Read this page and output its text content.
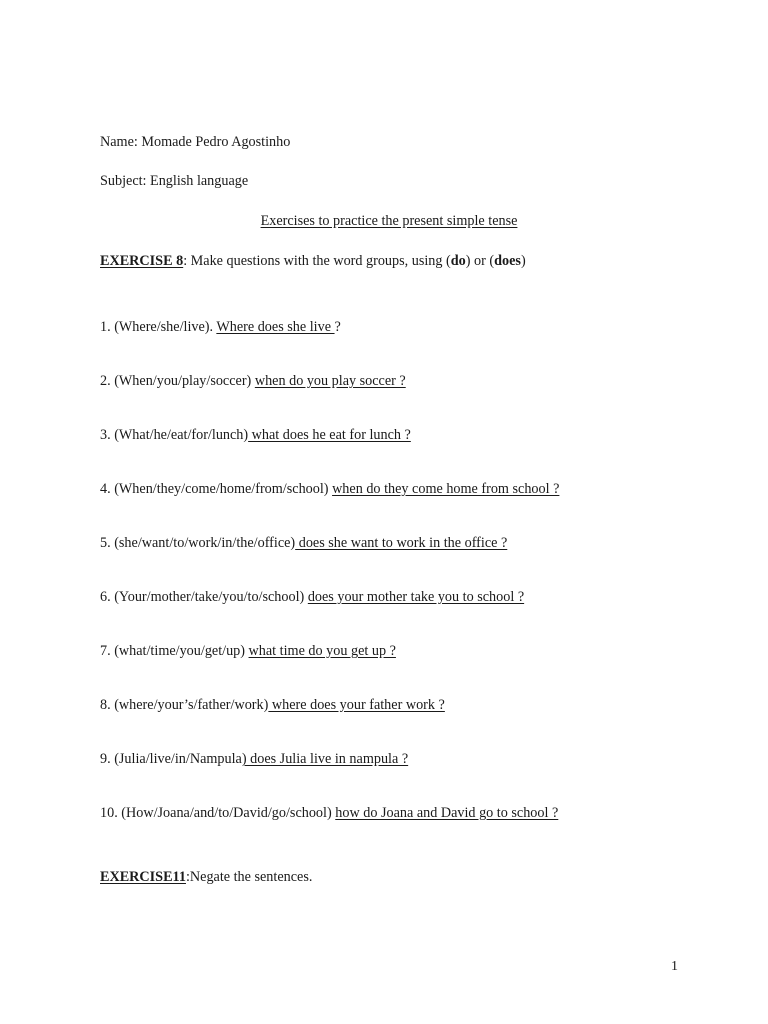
Name: Momade Pedro Agostinho
Subject: English language
Exercises to practice the present simple tense
EXERCISE 8: Make questions with the word groups, using (do) or (does)
1. (Where/she/live). Where does she live ?
2. (When/you/play/soccer) when do you play soccer ?
3. (What/he/eat/for/lunch) what does he eat for lunch ?
4. (When/they/come/home/from/school) when do they come home from school ?
5. (she/want/to/work/in/the/office) does she want to work in the office ?
6. (Your/mother/take/you/to/school) does your mother take you to school ?
7. (what/time/you/get/up) what time do you get up ?
8. (where/your’s/father/work) where does your father work ?
9. (Julia/live/in/Nampula) does Julia live in nampula ?
10. (How/Joana/and/to/David/go/school) how do Joana and David go to school ?
EXERCISE11:Negate the sentences.
1
